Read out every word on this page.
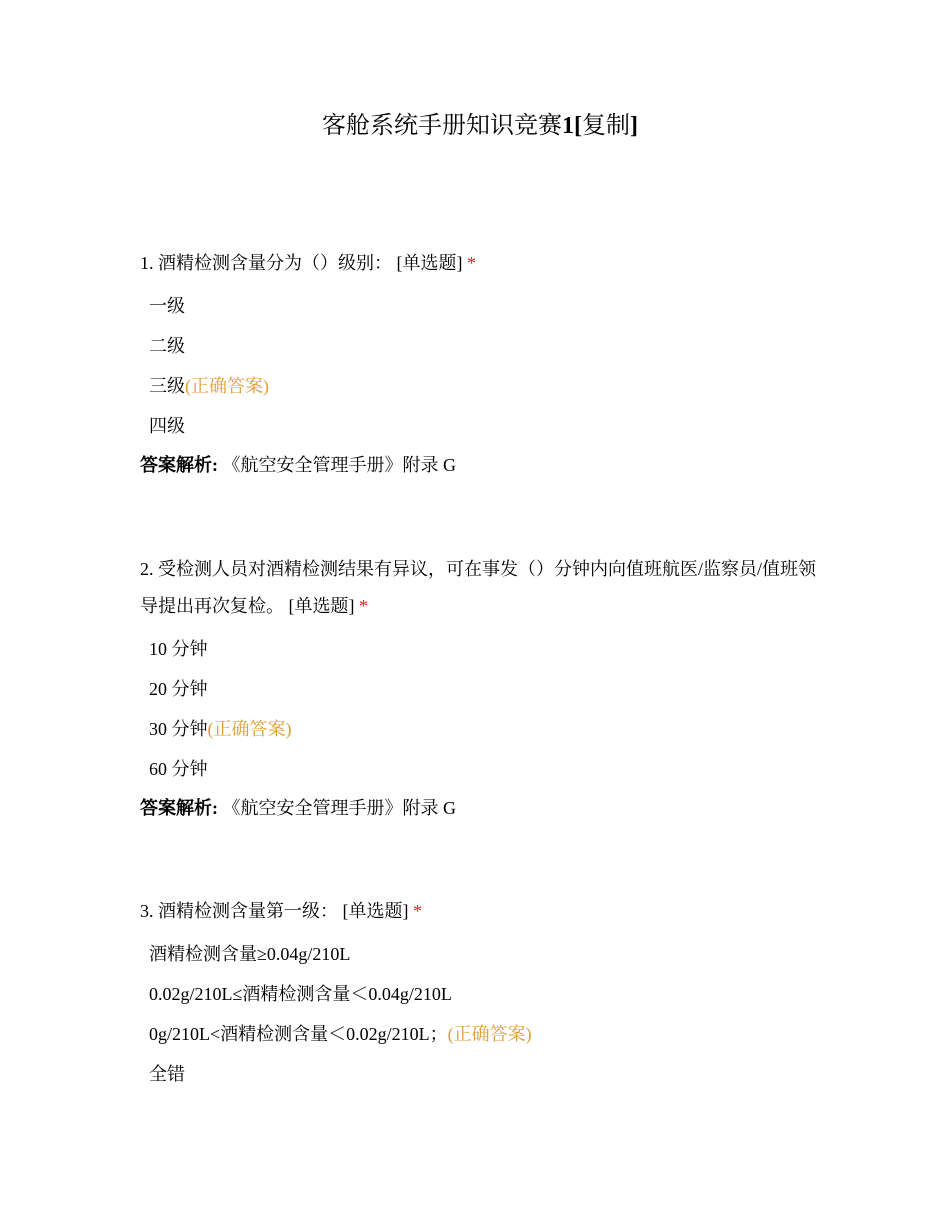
客舱系统手册知识竞赛1[复制]

1. 酒精检测含量分为（）级别： [单选题] *

一级
二级
三级(正确答案)
四级
答案解析: 《航空安全管理手册》附录 G

2. 受检测人员对酒精检测结果有异议，可在事发（）分钟内向值班航医/监察员/值班领导提出再次复检。 [单选题] *

10 分钟
20 分钟
30 分钟(正确答案)
60 分钟
答案解析: 《航空安全管理手册》附录 G

3. 酒精检测含量第一级： [单选题] *

酒精检测含量≥0.04g/210L
0.02g/210L≤酒精检测含量＜0.04g/210L
0g/210L<酒精检测含量＜0.02g/210L；(正确答案)
全错
